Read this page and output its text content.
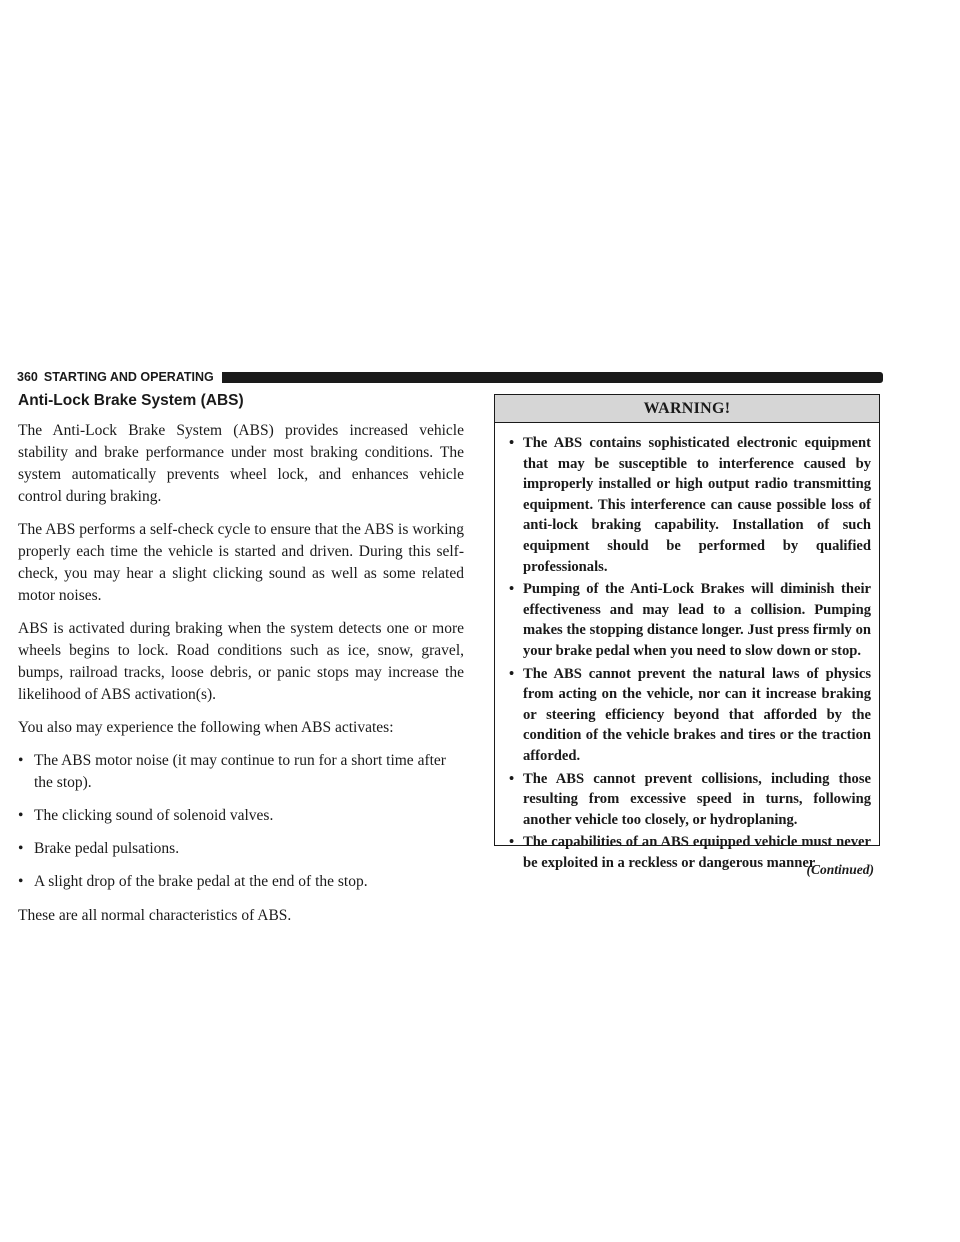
360 STARTING AND OPERATING
Anti-Lock Brake System (ABS)

The Anti-Lock Brake System (ABS) provides increased vehicle stability and brake performance under most braking conditions. The system automatically prevents wheel lock, and enhances vehicle control during braking.

The ABS performs a self-check cycle to ensure that the ABS is working properly each time the vehicle is started and driven. During this self-check, you may hear a slight clicking sound as well as some related motor noises.

ABS is activated during braking when the system detects one or more wheels begins to lock. Road conditions such as ice, snow, gravel, bumps, railroad tracks, loose debris, or panic stops may increase the likelihood of ABS activation(s).

You also may experience the following when ABS activates:

• The ABS motor noise (it may continue to run for a short time after the stop).
• The clicking sound of solenoid valves.
• Brake pedal pulsations.
• A slight drop of the brake pedal at the end of the stop.

These are all normal characteristics of ABS.

WARNING!
• The ABS contains sophisticated electronic equipment that may be susceptible to interference caused by improperly installed or high output radio transmitting equipment. This interference can cause possible loss of anti-lock braking capability. Installation of such equipment should be performed by qualified professionals.
• Pumping of the Anti-Lock Brakes will diminish their effectiveness and may lead to a collision. Pumping makes the stopping distance longer. Just press firmly on your brake pedal when you need to slow down or stop.
• The ABS cannot prevent the natural laws of physics from acting on the vehicle, nor can it increase braking or steering efficiency beyond that afforded by the condition of the vehicle brakes and tires or the traction afforded.
• The ABS cannot prevent collisions, including those resulting from excessive speed in turns, following another vehicle too closely, or hydroplaning.
• The capabilities of an ABS equipped vehicle must never be exploited in a reckless or dangerous manner
(Continued)
